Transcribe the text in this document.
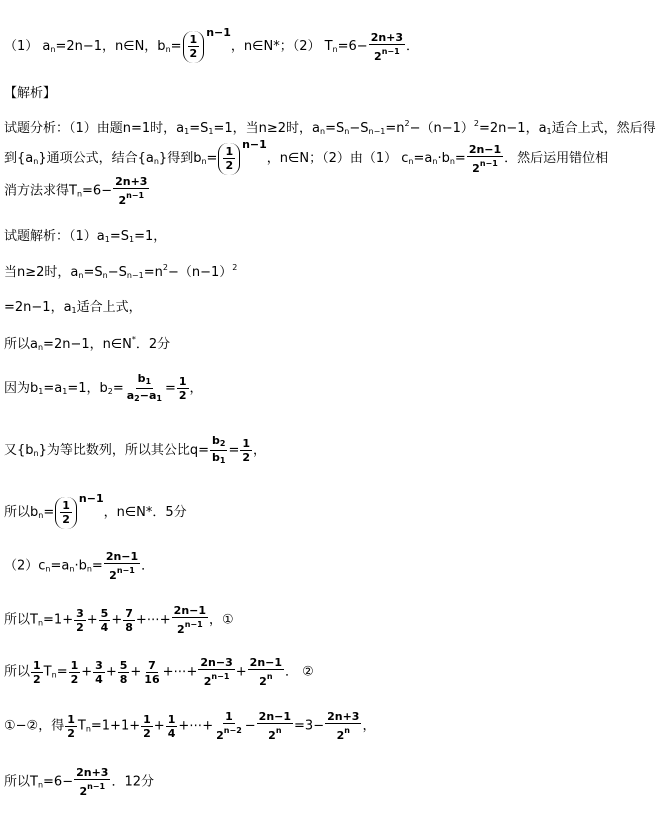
（1） $a_n=2n-1$，n∈N，$b_n= \frac{1}{2}$
$^{n-1}$，n∈N*；（2） $T_n=6- \frac{2n+3}{2^{n-1}}$ ．
【解析】
试题分析：（1）由题n=1时，$a_1=S_1=1$，当n≥2时，$a_n=S_n-S_{n-1}=n^2-(n-1)^2=2n-1$，$a_1$适合上式，然后得
到$\{a_n\}$通项公式，结合$\{a_n\}$得到$b_n= \frac{1}{2}$
$^{n-1}$，n∈N；（2）由（1） $c_n=a_n\cdot b_n= \frac{2n-1}{2^{n-1}}$ ．然后运用错位相
消方法求得$T_n=6- \frac{2n+3}{2^{n-1}}$
试题解析：$(1)a_1=S_1=1$，
当n≥2时，$a_n=S_n-S_{n-1}=n^2-(n-1)^2$
=2n−1，$a_1$适合上式，
所以$a_n=2n-1$，n∈N*．2分
因为$b_1=a_1=1$，$b_2= \frac{b_1}{a_2-a_1} = \frac{1}{2}$ ，
又$\{b_n\}$为等比数列，所以其公比$q= \frac{b_2}{b_1} = \frac{1}{2}$ ，
所以$b_n= \frac{1}{2}$
$^{n-1}$，n∈N*．5分
$(2)c_n=a_n\cdot b_n= \frac{2n-1}{2^{n-1}}$ ．
所以$T_n=1+ \frac{3}{2} + \frac{5}{4} + \frac{7}{8}$ +⋯+ $\frac{2n-1}{2^{n-1}}$ ，①
所以 $\frac{1}{2} T_n= \frac{1}{2} + \frac{3}{4} + \frac{5}{8} + \frac{7}{16}$ +⋯+ $\frac{2n-3}{2^{n-1}} + \frac{2n-1}{2^n}$ ． ②
①−②，得 $\frac{1}{2} T_n=1+1+ \frac{1}{2} + \frac{1}{4}$ +⋯+ $\frac{1}{2^{n-2}} - \frac{2n-1}{2^n} =3- \frac{2n+3}{2^n}$ ，
所以$T_n=6- \frac{2n+3}{2^{n-1}}$ ．12分
